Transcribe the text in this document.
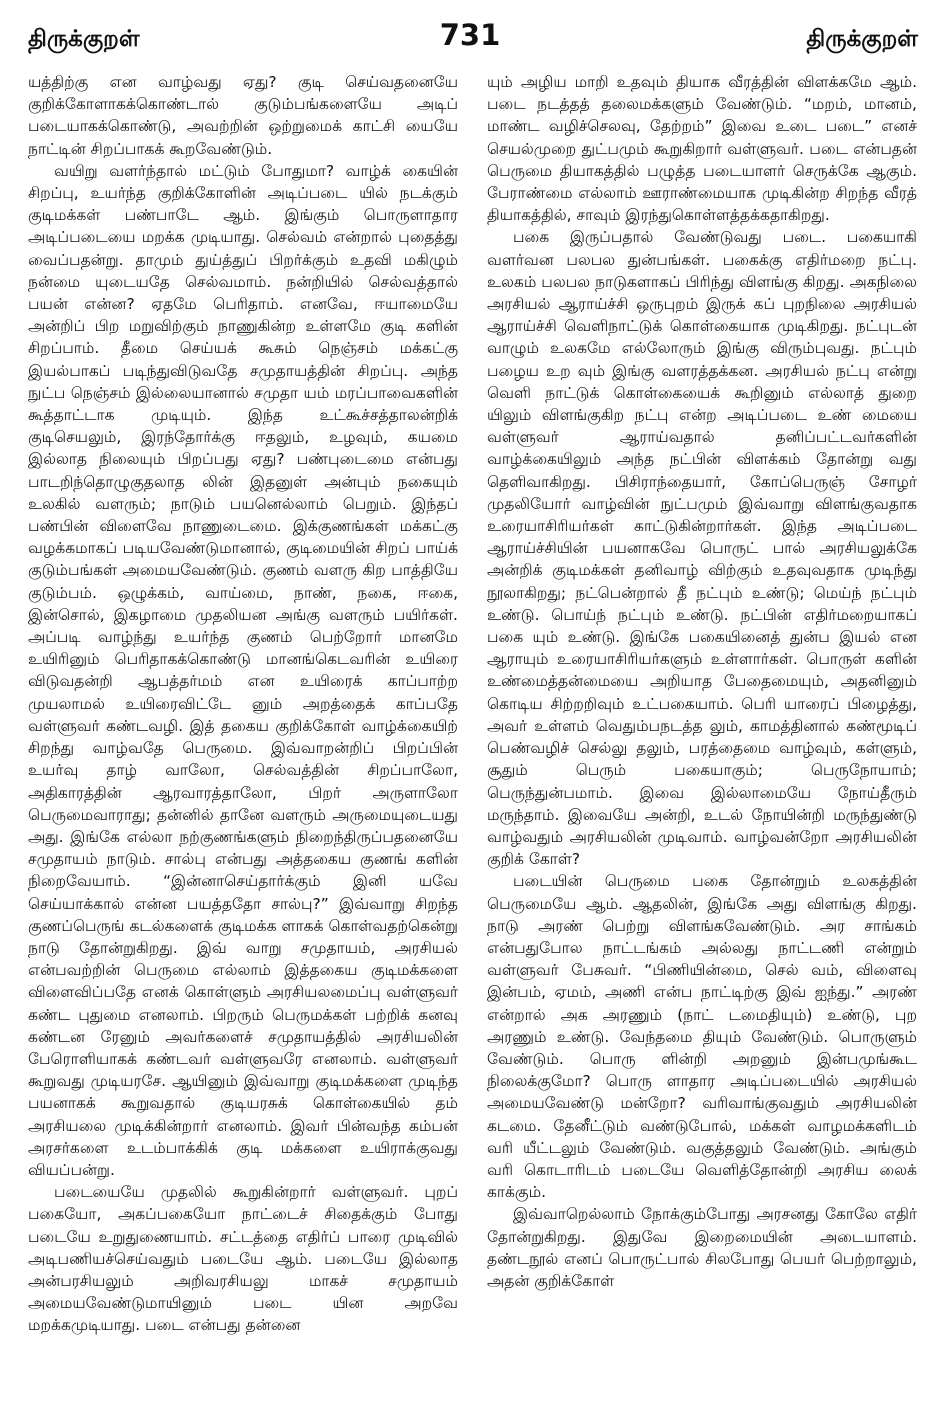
திருக்குறள்	731	திருக்குறள்

யத்திற்கு என வாழ்வது ஏது? குடி செய்வதனையே குறிக்கோளாகக்கொண்டால் குடும்பங்களையே அடிப் படையாகக்கொண்டு, அவற்றின் ஒற்றுமைக் காட்சி யையே நாட்டின் சிறப்பாகக் கூறவேண்டும்.

வயிறு வளர்ந்தால் மட்டும் போதுமா? வாழ்க் கையின் சிறப்பு, உயர்ந்த குறிக்கோளின் அடிப்படை யில் நடக்கும் குடிமக்கள் பண்பாடே ஆம். இங்கும் பொருளாதார அடிப்படையை மறக்க முடியாது. செல்வம் என்றால் புதைத்து வைப்பதன்று. தாமும் துய்த்துப் பிறர்க்கும் உதவி மகிழும் நன்மை யுடையதே செல்வமாம். நன்றியில் செல்வத்தால் பயன் என்ன? ஏதமே பெரிதாம். எனவே, ஈயாமையே அன்றிப் பிற மறுவிற்கும் நாணுகின்ற உள்ளமே குடி களின் சிறப்பாம். தீமை செய்யக் கூசும் நெஞ்சம் மக்கட்கு இயல்பாகப் படிந்துவிடுவதே சமுதாயத்தின் சிறப்பு. அந்த நுட்ப நெஞ்சம் இல்லையானால் சமுதா யம் மரப்பாவைகளின் கூத்தாட்டாக முடியும். இந்த உட்கூச்சத்தாலன்றிக் குடிசெயலும், இரந்தோர்க்கு ஈதலும், உழவும், கயமை இல்லாத நிலையும் பிறப்பது ஏது? பண்புடைமை என்பது பாடறிந்தொழுகுதலாத லின் இதனுள் அன்பும் நகையும் உலகில் வளரும்; நாடும் பயனெல்லாம் பெறும். இந்தப் பண்பின் விளைவே நாணுடைமை. இக்குணங்கள் மக்கட்கு வழக்கமாகப் படியவேண்டுமானால், குடிமையின் சிறப் பாய்க் குடும்பங்கள் அமையவேண்டும். குணம் வளரு கிற பாத்தியே குடும்பம். ஒழுக்கம், வாய்மை, நாண், நகை, ஈகை, இன்சொல், இகழாமை முதலியன அங்கு வளரும் பயிர்கள். அப்படி வாழ்ந்து உயர்ந்த குணம் பெற்றோர் மானமே உயிரினும் பெரிதாகக்கொண்டு மானங்கெடவரின் உயிரை விடுவதன்றி ஆபத்தர்மம் என உயிரைக் காப்பாற்ற முயலாமல் உயிரைவிட்டே னும் அறத்தைக் காப்பதே வள்ளுவர் கண்டவழி. இத் தகைய குறிக்கோள் வாழ்க்கையிற் சிறந்து வாழ்வதே பெருமை. இவ்வாறன்றிப் பிறப்பின் உயர்வு தாழ் வாலோ, செல்வத்தின் சிறப்பாலோ, அதிகாரத்தின் ஆரவாரத்தாலோ, பிறர் அருளாலோ பெருமைவாராது; தன்னில் தானே வளரும் அருமையுடையது அது. இங்கே எல்லா நற்குணங்களும் நிறைந்திருப்பதனையே சமுதாயம் நாடும். சால்பு என்பது அத்தகைய குணங் களின் நிறைவேயாம். “இன்னாசெய்தார்க்கும் இனி யவே செய்யாக்கால் என்ன பயத்ததோ சால்பு?” இவ்வாறு சிறந்த குணப்பெருங் கடல்களைக் குடிமக்க ளாகக் கொள்வதற்கென்று நாடு தோன்றுகிறது. இவ் வாறு சமுதாயம், அரசியல் என்பவற்றின் பெருமை எல்லாம் இத்தகைய குடிமக்களை விளைவிப்பதே எனக் கொள்ளும் அரசியலமைப்பு வள்ளுவர் கண்ட புதுமை எனலாம். பிறரும் பெருமக்கள் பற்றிக் கனவு கண்டன ரேனும் அவர்களைச் சமுதாயத்தில் அரசியலின் பேரொளியாகக் கண்டவர் வள்ளுவரே எனலாம். வள்ளுவர் கூறுவது முடியரசே. ஆயினும் இவ்வாறு குடிமக்களை முடிந்த பயனாகக் கூறுவதால் குடியரசுக் கொள்கையில் தம் அரசியலை முடிக்கின்றார் எனலாம். இவர் பின்வந்த கம்பன் அரசர்களை உடம்பாக்கிக் குடி மக்களை உயிராக்குவது வியப்பன்று.

படையையே முதலில் கூறுகின்றார் வள்ளுவர். புறப் பகையோ, அகப்பகையோ நாட்டைச் சிதைக்கும் போது படையே உறுதுணையாம். சட்டத்தை எதிர்ப் பாரை முடிவில் அடிபணியச்செய்வதும் படையே ஆம். படையே இல்லாத அன்பரசியலும் அறிவரசியலு மாகச் சமுதாயம் அமையவேண்டுமாயினும் படை யின அறவே மறக்கமுடியாது. படை என்பது தன்னை

யும் அழிய மாறி உதவும் தியாக வீரத்தின் விளக்கமே ஆம். படை நடத்தத் தலைமக்களும் வேண்டும். “மறம், மானம், மாண்ட வழிச்செலவு, தேற்றம்” இவை உடை படை” எனச் செயல்முறை துட்பமும் கூறுகிறார் வள்ளுவர். படை என்பதன் பெருமை தியாகத்தில் பழுத்த படையாளர் செருக்கே ஆகும். பேராண்மை எல்லாம் ஊராண்மையாக முடிகின்ற சிறந்த வீரத் தியாகத்தில், சாவும் இரந்துகொள்ளத்தக்கதாகிறது.

பகை இருப்பதால் வேண்டுவது படை. பகையாகி வளர்வன பலபல துன்பங்கள். பகைக்கு எதிர்மறை நட்பு. உலகம் பலபல நாடுகளாகப் பிரிந்து விளங்கு கிறது. அகநிலை அரசியல் ஆராய்ச்சி ஒருபுறம் இருக் கப் புறநிலை அரசியல் ஆராய்ச்சி வெளிநாட்டுக் கொள்கையாக முடிகிறது. நட்புடன் வாழும் உலகமே எல்லோரும் இங்கு விரும்புவது. நட்பும் பழைய உற வும் இங்கு வளரத்தக்கன. அரசியல் நட்பு என்று வெளி நாட்டுக் கொள்கையைக் கூறினும் எல்லாத் துறை யிலும் விளங்குகிற நட்பு என்ற அடிப்படை உண் மையை வள்ளுவர் ஆராய்வதால் தனிப்பட்டவர்களின் வாழ்க்கையிலும் அந்த நட்பின் விளக்கம் தோன்று வது தெளிவாகிறது. பிசிராந்தையார், கோப்பெருஞ் சோழர் முதலியோர் வாழ்வின் நுட்பமும் இவ்வாறு விளங்குவதாக உரையாசிரியர்கள் காட்டுகின்றார்கள். இந்த அடிப்படை ஆராய்ச்சியின் பயனாகவே பொருட் பால் அரசியலுக்கே அன்றிக் குடிமக்கள் தனிவாழ் விற்கும் உதவுவதாக முடிந்து நூலாகிறது; நட்பென்றால் தீ நட்பும் உண்டு; மெய்ந் நட்பும் உண்டு. பொய்ந் நட்பும் உண்டு. நட்பின் எதிர்மறையாகப் பகை யும் உண்டு. இங்கே பகையினைத் துன்ப இயல் என ஆராயும் உரையாசிரியர்களும் உள்ளார்கள். பொருள் களின் உண்மைத்தன்மையை அறியாத பேதைமையும், அதனினும் கொடிய சிற்றறிவும் உட்பகையாம். பெரி யாரைப் பிழைத்து, அவர் உள்ளம் வெதும்பநடத்த லும், காமத்தினால் கண்மூடிப் பெண்வழிச் செல்லு தலும், பரத்தைமை வாழ்வும், கள்ளும், சூதும் பெரும் பகையாகும்; பெருநோயாம்; பெருந்துன்பமாம். இவை இல்லாமையே நோய்தீரும் மருந்தாம். இவையே அன்றி, உடல் நோயின்றி மருந்துண்டு வாழ்வதும் அரசியலின் முடிவாம். வாழ்வன்றோ அரசியலின் குறிக் கோள்?

படையின் பெருமை பகை தோன்றும் உலகத்தின் பெருமையே ஆம். ஆதலின், இங்கே அது விளங்கு கிறது. நாடு அரண் பெற்று விளங்கவேண்டும். அர சாங்கம் என்பதுபோல நாட்டங்கம் அல்லது நாட்டணி என்றும் வள்ளுவர் பேசுவர். “பிணியின்மை, செல் வம், விளைவு இன்பம், ஏமம், அணி என்ப நாட்டிற்கு இவ் ஐந்து.” அரண் என்றால் அக அரணும் (நாட் டமைதியும்) உண்டு, புற அரணும் உண்டு. வேந்தமை தியும் வேண்டும். பொருளும் வேண்டும். பொரு ளின்றி அறனும் இன்பமுங்கூட நிலைக்குமோ? பொரு ளாதார அடிப்படையில் அரசியல் அமையவேண்டு மன்றோ? வரிவாங்குவதும் அரசியலின் கடமை. தேனீட்டும் வண்டுபோல், மக்கள் வாழமக்களிடம் வரி யீட்டலும் வேண்டும். வகுத்தலும் வேண்டும். அங்கும் வரி கொடாரிடம் படையே வெளித்தோன்றி அரசிய லைக் காக்கும்.

இவ்வாறெல்லாம் நோக்கும்போது அரசனது கோலே எதிர் தோன்றுகிறது. இதுவே இறைமையின் அடையாளம். தண்டநூல் எனப் பொருட்பால் சிலபோது பெயர் பெற்றாலும், அதன் குறிக்கோள்
